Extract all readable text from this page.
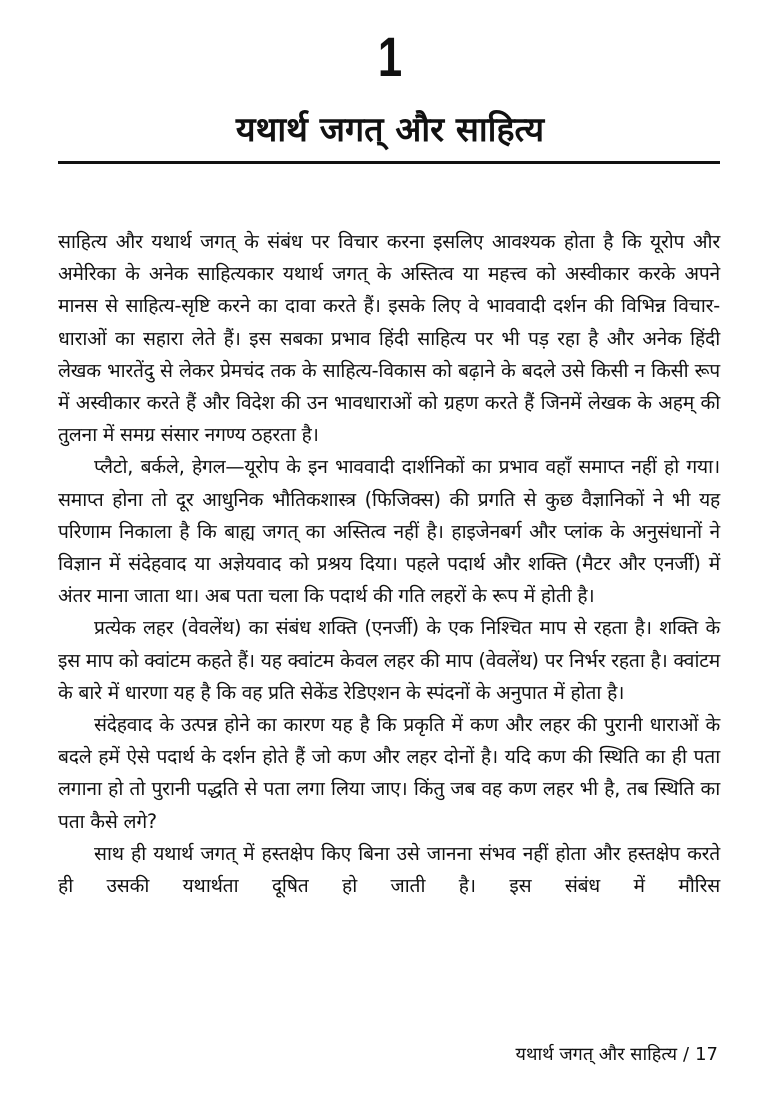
1
यथार्थ जगत् और साहित्य

साहित्य और यथार्थ जगत् के संबंध पर विचार करना इसलिए आवश्यक होता है कि यूरोप और अमेरिका के अनेक साहित्यकार यथार्थ जगत् के अस्तित्व या महत्त्व को अस्वीकार करके अपने मानस से साहित्य-सृष्टि करने का दावा करते हैं। इसके लिए वे भाववादी दर्शन की विभिन्न विचार-धाराओं का सहारा लेते हैं। इस सबका प्रभाव हिंदी साहित्य पर भी पड़ रहा है और अनेक हिंदी लेखक भारतेंदु से लेकर प्रेमचंद तक के साहित्य-विकास को बढ़ाने के बदले उसे किसी न किसी रूप में अस्वीकार करते हैं और विदेश की उन भावधाराओं को ग्रहण करते हैं जिनमें लेखक के अहम् की तुलना में समग्र संसार नगण्य ठहरता है।

प्लैटो, बर्कले, हेगल—यूरोप के इन भाववादी दार्शनिकों का प्रभाव वहाँ समाप्त नहीं हो गया। समाप्त होना तो दूर आधुनिक भौतिकशास्त्र (फिजिक्स) की प्रगति से कुछ वैज्ञानिकों ने भी यह परिणाम निकाला है कि बाह्य जगत् का अस्तित्व नहीं है। हाइजेनबर्ग और प्लांक के अनुसंधानों ने विज्ञान में संदेहवाद या अज्ञेयवाद को प्रश्रय दिया। पहले पदार्थ और शक्ति (मैटर और एनर्जी) में अंतर माना जाता था। अब पता चला कि पदार्थ की गति लहरों के रूप में होती है।

प्रत्येक लहर (वेवलेंथ) का संबंध शक्ति (एनर्जी) के एक निश्चित माप से रहता है। शक्ति के इस माप को क्वांटम कहते हैं। यह क्वांटम केवल लहर की माप (वेवलेंथ) पर निर्भर रहता है। क्वांटम के बारे में धारणा यह है कि वह प्रति सेकेंड रेडिएशन के स्पंदनों के अनुपात में होता है।

संदेहवाद के उत्पन्न होने का कारण यह है कि प्रकृति में कण और लहर की पुरानी धाराओं के बदले हमें ऐसे पदार्थ के दर्शन होते हैं जो कण और लहर दोनों है। यदि कण की स्थिति का ही पता लगाना हो तो पुरानी पद्धति से पता लगा लिया जाए। किंतु जब वह कण लहर भी है, तब स्थिति का पता कैसे लगे?

साथ ही यथार्थ जगत् में हस्तक्षेप किए बिना उसे जानना संभव नहीं होता और हस्तक्षेप करते ही उसकी यथार्थता दूषित हो जाती है। इस संबंध में मौरिस

यथार्थ जगत् और साहित्य / 17
